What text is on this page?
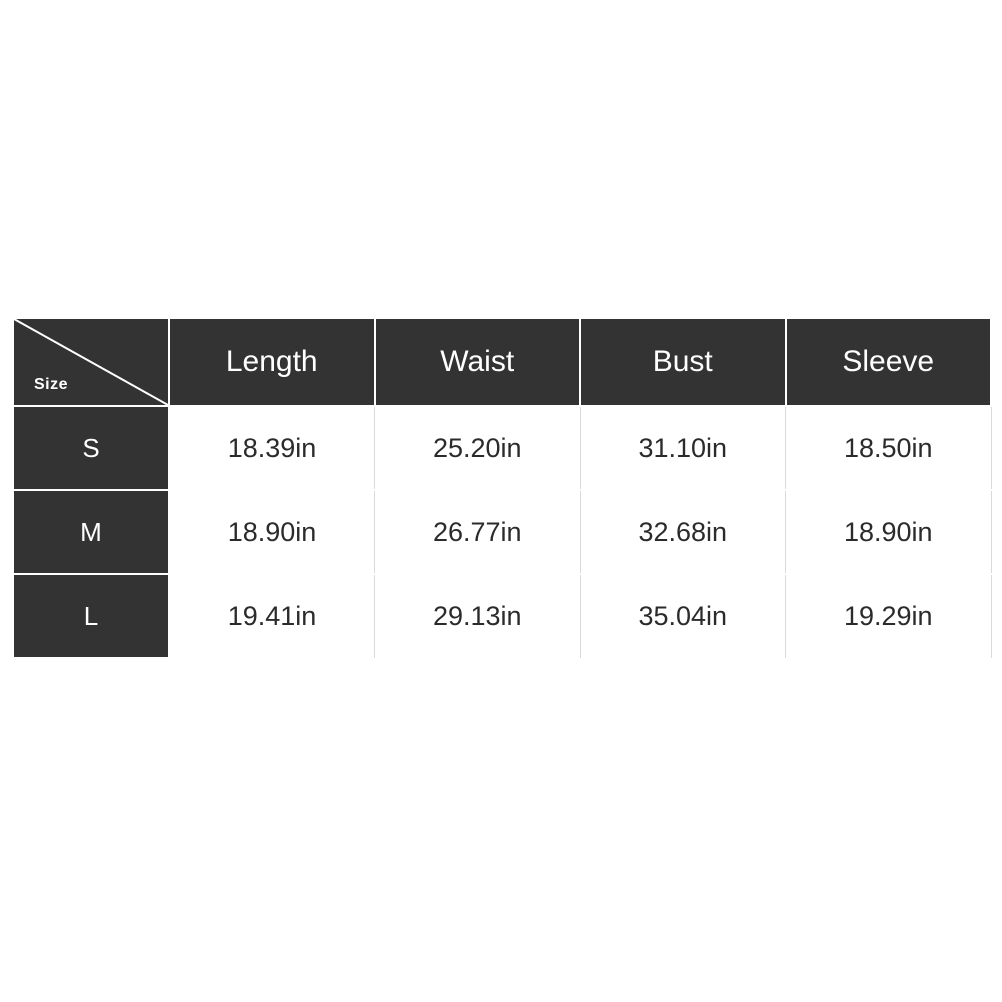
Size	Length	Waist	Bust	Sleeve
S	18.39in	25.20in	31.10in	18.50in
M	18.90in	26.77in	32.68in	18.90in
L	19.41in	29.13in	35.04in	19.29in
